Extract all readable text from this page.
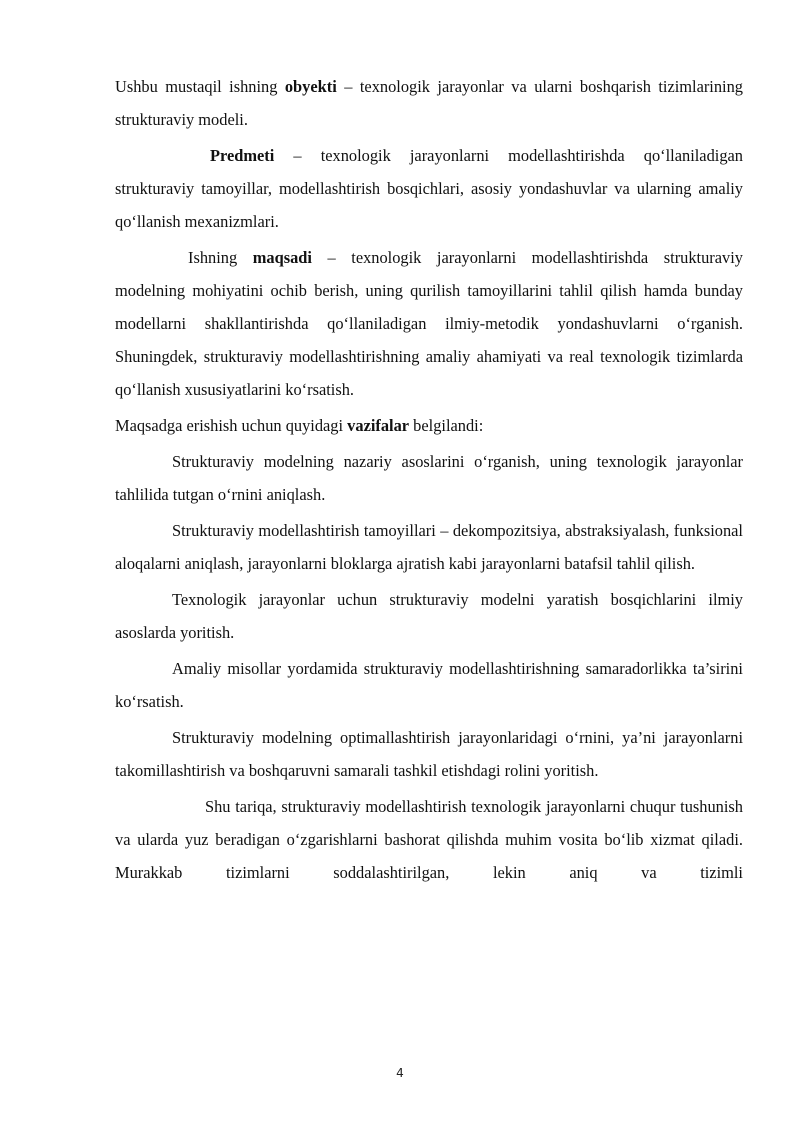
Ushbu mustaqil ishning obyekti – texnologik jarayonlar va ularni boshqarish tizimlarining strukturaviy modeli.

Predmeti – texnologik jarayonlarni modellashtirishda qo‘llaniladigan strukturaviy tamoyillar, modellashtirish bosqichlari, asosiy yondashuvlar va ularning amaliy qo‘llanish mexanizmlari.

Ishning maqsadi – texnologik jarayonlarni modellashtirishda strukturaviy modelning mohiyatini ochib berish, uning qurilish tamoyillarini tahlil qilish hamda bunday modellarni shakllantirishda qo‘llaniladigan ilmiy-metodik yondashuvlarni o‘rganish. Shuningdek, strukturaviy modellashtirishning amaliy ahamiyati va real texnologik tizimlarda qo‘llanish xususiyatlarini ko‘rsatish.

Maqsadga erishish uchun quyidagi vazifalar belgilandi:

Strukturaviy modelning nazariy asoslarini o‘rganish, uning texnologik jarayonlar tahlilida tutgan o‘rnini aniqlash.

Strukturaviy modellashtirish tamoyillari – dekompozitsiya, abstraksiyalash, funksional aloqalarni aniqlash, jarayonlarni bloklarga ajratish kabi jarayonlarni batafsil tahlil qilish.

Texnologik jarayonlar uchun strukturaviy modelni yaratish bosqichlarini ilmiy asoslarda yoritish.

Amaliy misollar yordamida strukturaviy modellashtirishning samaradorlikka ta’sirini ko‘rsatish.

Strukturaviy modelning optimallashtirish jarayonlaridagi o‘rnini, ya’ni jarayonlarni takomillashtirish va boshqaruvni samarali tashkil etishdagi rolini yoritish.

Shu tariqa, strukturaviy modellashtirish texnologik jarayonlarni chuqur tushunish va ularda yuz beradigan o‘zgarishlarni bashorat qilishda muhim vosita bo‘lib xizmat qiladi. Murakkab tizimlarni soddalashtirilgan, lekin aniq va tizimli

4
